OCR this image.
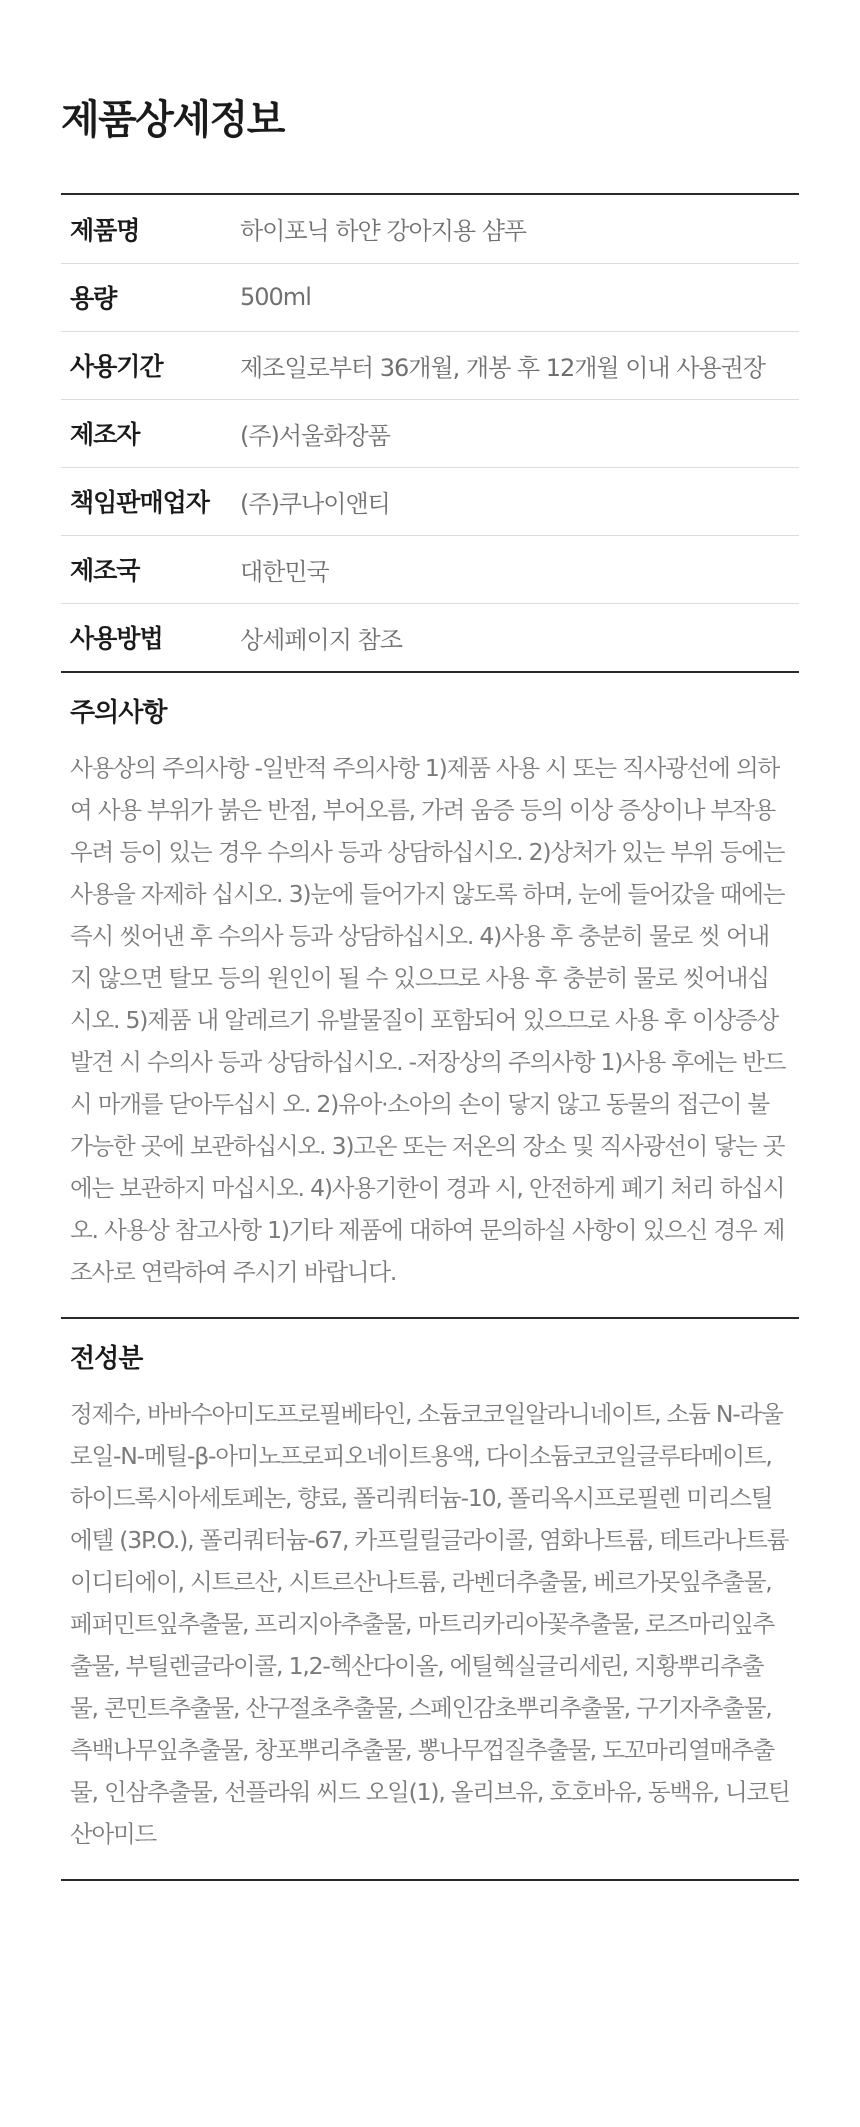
제품상세정보
제품명	하이포닉 하얀 강아지용 샴푸
용량	500ml
사용기간	제조일로부터 36개월, 개봉 후 12개월 이내 사용권장
제조자	(주)서울화장품
책임판매업자	(주)쿠나이앤티
제조국	대한민국
사용방법	상세페이지 참조
주의사항

사용상의 주의사항 -일반적 주의사항 1)제품 사용 시 또는 직사광선에 의하여 사용 부위가 붉은 반점, 부어오름, 가려 움증 등의 이상 증상이나 부작용 우려 등이 있는 경우 수의사 등과 상담하십시오. 2)상처가 있는 부위 등에는 사용을 자제하 십시오. 3)눈에 들어가지 않도록 하며, 눈에 들어갔을 때에는 즉시 씻어낸 후 수의사 등과 상담하십시오. 4)사용 후 충분히 물로 씻 어내지 않으면 탈모 등의 원인이 될 수 있으므로 사용 후 충분히 물로 씻어내십시오. 5)제품 내 알레르기 유발물질이 포함되어 있으므로 사용 후 이상증상 발견 시 수의사 등과 상담하십시오. -저장상의 주의사항 1)사용 후에는 반드시 마개를 닫아두십시 오. 2)유아·소아의 손이 닿지 않고 동물의 접근이 불가능한 곳에 보관하십시오. 3)고온 또는 저온의 장소 및 직사광선이 닿는 곳 에는 보관하지 마십시오. 4)사용기한이 경과 시, 안전하게 폐기 처리 하십시오. 사용상 참고사항 1)기타 제품에 대하여 문의하실 사항이 있으신 경우 제조사로 연락하여 주시기 바랍니다.

전성분

정제수, 바바수아미도프로필베타인, 소듐코코일알라니네이트, 소듐 N-라울로일-N-메틸-β-아미노프로피오네이트용액, 다이소듐코코일글루타메이트, 하이드록시아세토페논, 향료, 폴리쿼터늄-10, 폴리옥시프로필렌 미리스틸에텔 (3P.O.), 폴리쿼터늄-67, 카프릴릴글라이콜, 염화나트륨, 테트라나트륨이디티에이, 시트르산, 시트르산나트륨, 라벤더추출물, 베르가못잎추출물, 페퍼민트잎추출물, 프리지아추출물, 마트리카리아꽃추출물, 로즈마리잎추출물, 부틸렌글라이콜, 1,2-헥산다이올, 에틸헥실글리세린, 지황뿌리추출물, 콘민트추출물, 산구절초추출물, 스페인감초뿌리추출물, 구기자추출물, 측백나무잎추출물, 창포뿌리추출물, 뽕나무껍질추출물, 도꼬마리열매추출물, 인삼추출물, 선플라워 씨드 오일(1), 올리브유, 호호바유, 동백유, 니코틴산아미드
